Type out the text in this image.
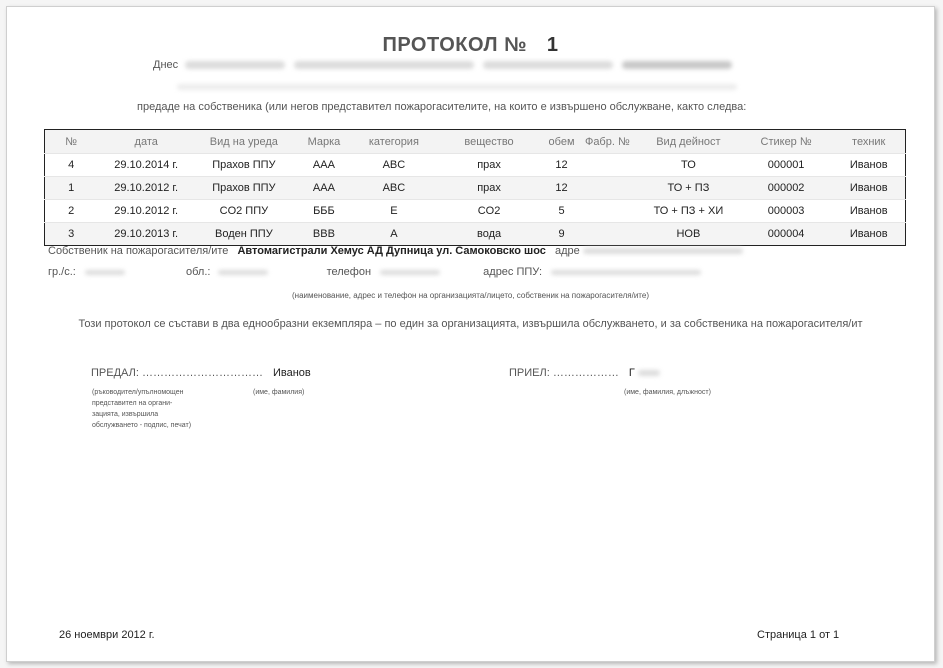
ПРОТОКОЛ № 1
Днес
предаде на собственика (или негов представител пожарогасителите, на които е извършено обслужване, както следва:
№	дата	Вид на уреда	Марка	категория	вещество	обем	Фабр. №	Вид дейност	Стикер №	техник
4	29.10.2014 г.	Прахов ППУ	AAA	ABC	прах	12		ТО	000001	Иванов
1	29.10.2012 г.	Прахов ППУ	AAA	ABC	прах	12		ТО + ПЗ	000002	Иванов
2	29.10.2012 г.	CO2 ППУ	БББ	E	CO2	5		ТО + ПЗ + ХИ	000003	Иванов
3	29.10.2013 г.	Воден ППУ	BBB	A	вода	9		НОВ	000004	Иванов
Собственик на пожарогасителя/ите Автомагистрали Хемус АД Дупница ул. Самоковско шос адре
гр./с.:	обл.:	телефон	адрес ППУ:
(наименование, адрес и телефон на организацията/лицето, собственик на пожарогасителя/ите)
Този протокол се състави в два еднообразни екземпляра – по един за организацията, извършила обслужването, и за собственика на пожарогасителя/ит
ПРЕДАЛ: …………………………… Иванов
(ръководител/упълномощен
представител на органи-
зацията, извършила
обслужването - подпис, печат)
(име, фамилия)
ПРИЕЛ: ……………… Г
(име, фамилия, длъжност)
26 ноември 2012 г.	Страница 1 от 1
